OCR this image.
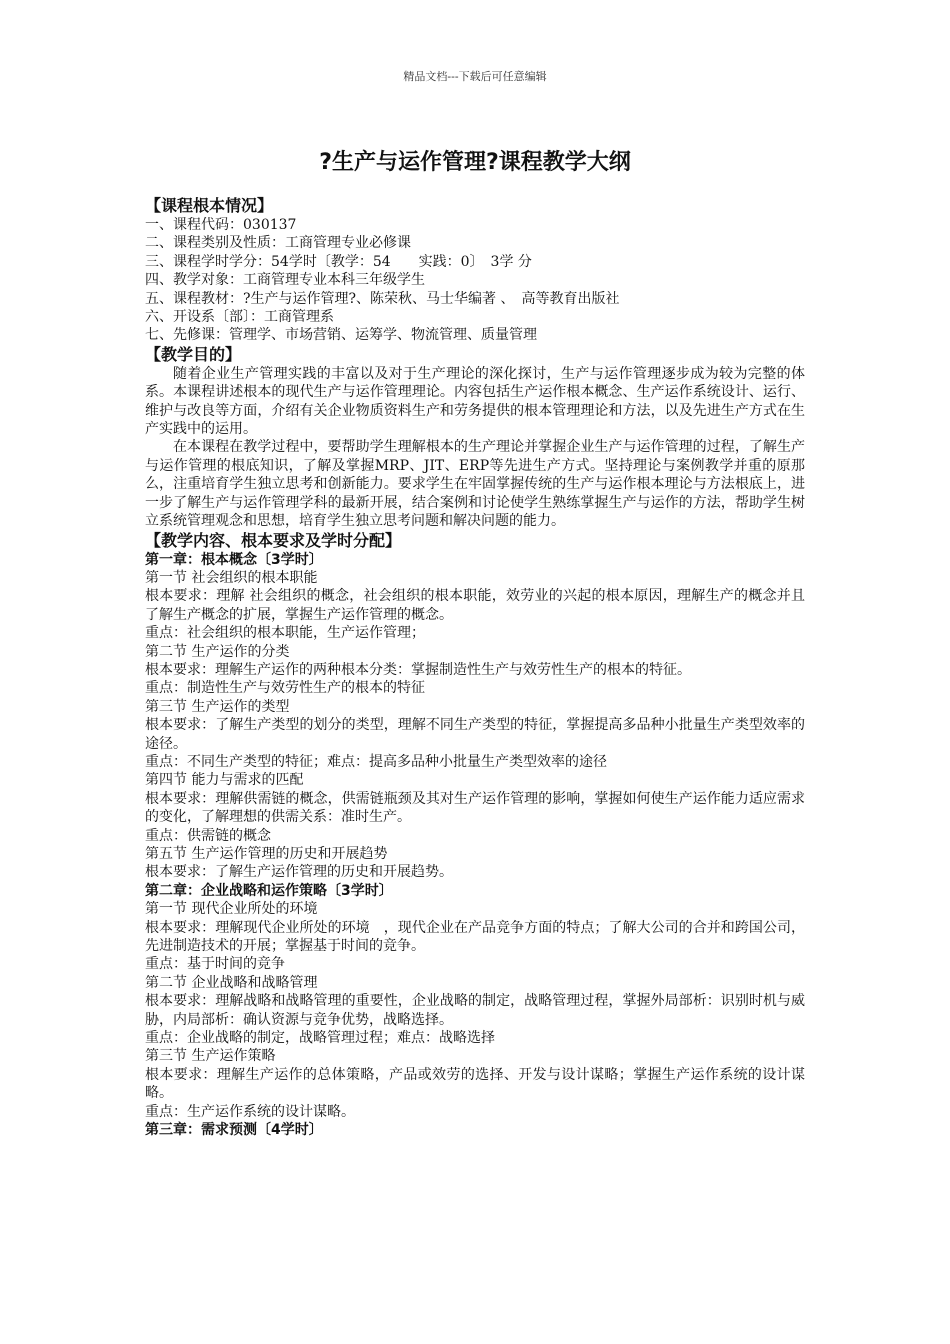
精品文档---下载后可任意编辑
?生产与运作管理?课程教学大纲
【课程根本情况】
一、课程代码：030137
二、课程类别及性质：工商管理专业必修课
三、课程学时学分：54学时〔教学：54　　实践：0〕　3学 分
四、教学对象：工商管理专业本科三年级学生
五、课程教材：?生产与运作管理?、陈荣秋、马士华编著 、　高等教育出版社
六、开设系〔部〕：工商管理系
七、先修课：管理学、市场营销、运筹学、物流管理、质量管理
【教学目的】
随着企业生产管理实践的丰富以及对于生产理论的深化探讨，生产与运作管理逐步成为较为完整的体系。本课程讲述根本的现代生产与运作管理理论。内容包括生产运作根本概念、生产运作系统设计、运行、维护与改良等方面，介绍有关企业物质资料生产和劳务提供的根本管理理论和方法，以及先进生产方式在生产实践中的运用。
在本课程在教学过程中，要帮助学生理解根本的生产理论并掌握企业生产与运作管理的过程，了解生产与运作管理的根底知识，了解及掌握MRP、JIT、ERP等先进生产方式。坚持理论与案例教学并重的原那么，注重培育学生独立思考和创新能力。要求学生在牢固掌握传统的生产与运作根本理论与方法根底上，进一步了解生产与运作管理学科的最新开展，结合案例和讨论使学生熟练掌握生产与运作的方法，帮助学生树立系统管理观念和思想，培育学生独立思考问题和解决问题的能力。
【教学内容、根本要求及学时分配】
第一章：根本概念〔3学时〕
第一节 社会组织的根本职能
根本要求：理解 社会组织的概念，社会组织的根本职能，效劳业的兴起的根本原因，理解生产的概念并且了解生产概念的扩展，掌握生产运作管理的概念。
重点：社会组织的根本职能，生产运作管理；
第二节 生产运作的分类
根本要求：理解生产运作的两种根本分类：掌握制造性生产与效劳性生产的根本的特征。
重点：制造性生产与效劳性生产的根本的特征
第三节 生产运作的类型
根本要求：了解生产类型的划分的类型，理解不同生产类型的特征，掌握提高多品种小批量生产类型效率的途径。
重点：不同生产类型的特征；难点：提高多品种小批量生产类型效率的途径
第四节 能力与需求的匹配
根本要求：理解供需链的概念，供需链瓶颈及其对生产运作管理的影响，掌握如何使生产运作能力适应需求的变化，了解理想的供需关系：准时生产。
重点：供需链的概念
第五节 生产运作管理的历史和开展趋势
根本要求：了解生产运作管理的历史和开展趋势。
第二章：企业战略和运作策略〔3学时〕
第一节 现代企业所处的环境
根本要求：理解现代企业所处的环境　，现代企业在产品竞争方面的特点；了解大公司的合并和跨国公司，先进制造技术的开展；掌握基于时间的竞争。
重点：基于时间的竞争
第二节 企业战略和战略管理
根本要求：理解战略和战略管理的重要性，企业战略的制定，战略管理过程，掌握外局部析：识别时机与威胁，内局部析：确认资源与竞争优势，战略选择。
重点：企业战略的制定，战略管理过程；难点：战略选择
第三节 生产运作策略
根本要求：理解生产运作的总体策略，产品或效劳的选择、开发与设计谋略；掌握生产运作系统的设计谋略。
重点：生产运作系统的设计谋略。
第三章：需求预测〔4学时〕
